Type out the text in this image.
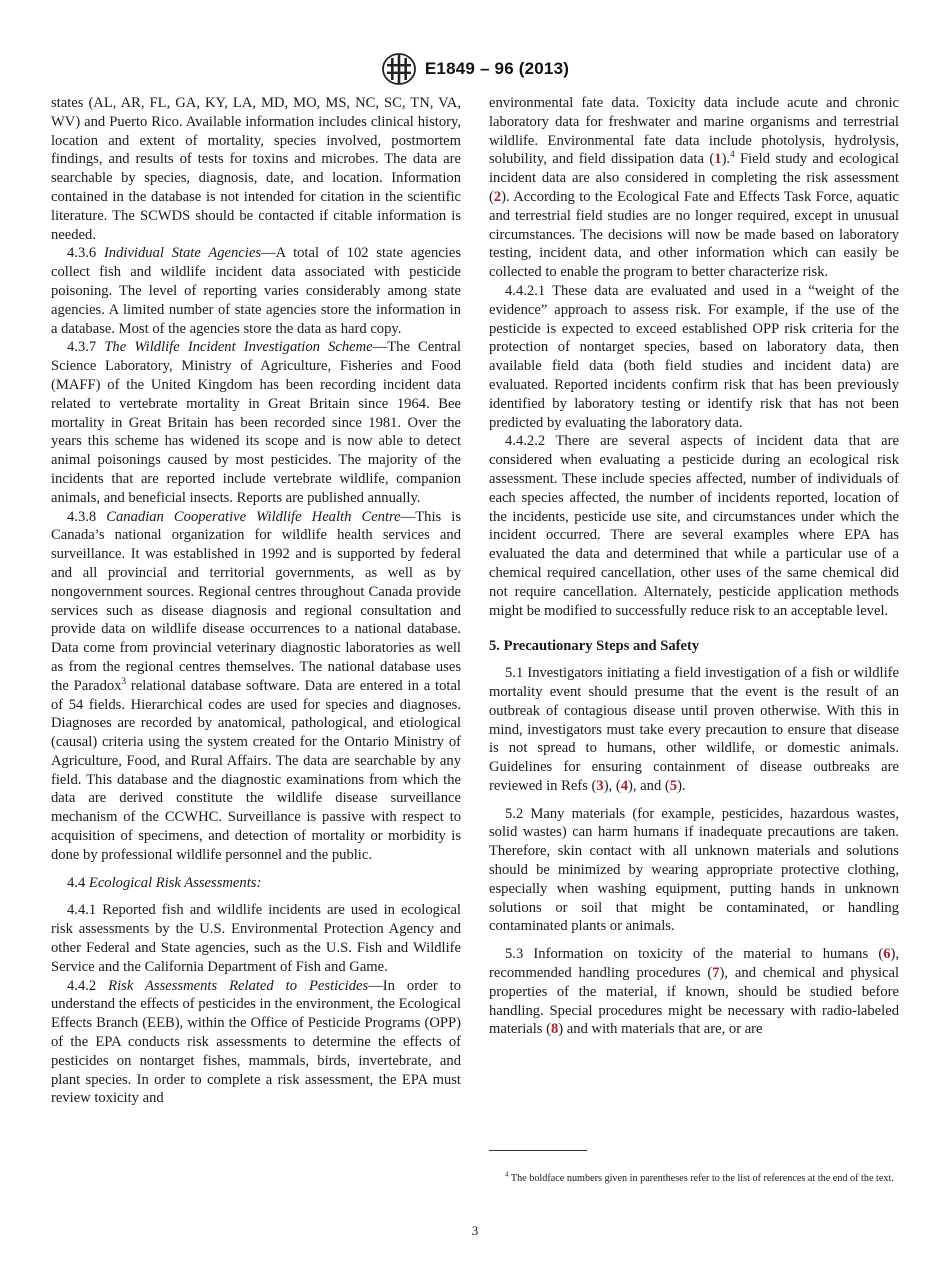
E1849 – 96 (2013)

states (AL, AR, FL, GA, KY, LA, MD, MO, MS, NC, SC, TN, VA, WV) and Puerto Rico. Available information includes clinical history, location and extent of mortality, species involved, postmortem findings, and results of tests for toxins and microbes. The data are searchable by species, diagnosis, date, and location. Information contained in the database is not intended for citation in the scientific literature. The SCWDS should be contacted if citable information is needed.

4.3.6 Individual State Agencies—A total of 102 state agencies collect fish and wildlife incident data associated with pesticide poisoning. The level of reporting varies considerably among state agencies. A limited number of state agencies store the information in a database. Most of the agencies store the data as hard copy.

4.3.7 The Wildlife Incident Investigation Scheme—The Central Science Laboratory, Ministry of Agriculture, Fisheries and Food (MAFF) of the United Kingdom has been recording incident data related to vertebrate mortality in Great Britain since 1964. Bee mortality in Great Britain has been recorded since 1981. Over the years this scheme has widened its scope and is now able to detect animal poisonings caused by most pesticides. The majority of the incidents that are reported include vertebrate wildlife, companion animals, and beneficial insects. Reports are published annually.

4.3.8 Canadian Cooperative Wildlife Health Centre—This is Canada’s national organization for wildlife health services and surveillance. It was established in 1992 and is supported by federal and all provincial and territorial governments, as well as by nongovernment sources. Regional centres throughout Canada provide services such as disease diagnosis and regional consultation and provide data on wildlife disease occurrences to a national database. Data come from provincial veterinary diagnostic laboratories as well as from the regional centres themselves. The national database uses the Paradox$^3$ relational database software. Data are entered in a total of 54 fields. Hierarchical codes are used for species and diagnoses. Diagnoses are recorded by anatomical, pathological, and etiological (causal) criteria using the system created for the Ontario Ministry of Agriculture, Food, and Rural Affairs. The data are searchable by any field. This database and the diagnostic examinations from which the data are derived constitute the wildlife disease surveillance mechanism of the CCWHC. Surveillance is passive with respect to acquisition of specimens, and detection of mortality or morbidity is done by professional wildlife personnel and the public.

4.4 Ecological Risk Assessments:

4.4.1 Reported fish and wildlife incidents are used in ecological risk assessments by the U.S. Environmental Protection Agency and other Federal and State agencies, such as the U.S. Fish and Wildlife Service and the California Department of Fish and Game.

4.4.2 Risk Assessments Related to Pesticides—In order to understand the effects of pesticides in the environment, the Ecological Effects Branch (EEB), within the Office of Pesticide Programs (OPP) of the EPA conducts risk assessments to determine the effects of pesticides on nontarget fishes, mammals, birds, invertebrate, and plant species. In order to complete a risk assessment, the EPA must review toxicity and

environmental fate data. Toxicity data include acute and chronic laboratory data for freshwater and marine organisms and terrestrial wildlife. Environmental fate data include photolysis, hydrolysis, solubility, and field dissipation data (1).$^4$ Field study and ecological incident data are also considered in completing the risk assessment (2). According to the Ecological Fate and Effects Task Force, aquatic and terrestrial field studies are no longer required, except in unusual circumstances. The decisions will now be made based on laboratory testing, incident data, and other information which can easily be collected to enable the program to better characterize risk.

4.4.2.1 These data are evaluated and used in a “weight of the evidence” approach to assess risk. For example, if the use of the pesticide is expected to exceed established OPP risk criteria for the protection of nontarget species, based on laboratory data, then available field data (both field studies and incident data) are evaluated. Reported incidents confirm risk that has been previously identified by laboratory testing or identify risk that has not been predicted by evaluating the laboratory data.

4.4.2.2 There are several aspects of incident data that are considered when evaluating a pesticide during an ecological risk assessment. These include species affected, number of individuals of each species affected, the number of incidents reported, location of the incidents, pesticide use site, and circumstances under which the incident occurred. There are several examples where EPA has evaluated the data and determined that while a particular use of a chemical required cancellation, other uses of the same chemical did not require cancellation. Alternately, pesticide application methods might be modified to successfully reduce risk to an acceptable level.

5. Precautionary Steps and Safety

5.1 Investigators initiating a field investigation of a fish or wildlife mortality event should presume that the event is the result of an outbreak of contagious disease until proven otherwise. With this in mind, investigators must take every precaution to ensure that disease is not spread to humans, other wildlife, or domestic animals. Guidelines for ensuring containment of disease outbreaks are reviewed in Refs (3), (4), and (5).

5.2 Many materials (for example, pesticides, hazardous wastes, solid wastes) can harm humans if inadequate precautions are taken. Therefore, skin contact with all unknown materials and solutions should be minimized by wearing appropriate protective clothing, especially when washing equipment, putting hands in unknown solutions or soil that might be contaminated, or handling contaminated plants or animals.

5.3 Information on toxicity of the material to humans (6), recommended handling procedures (7), and chemical and physical properties of the material, if known, should be studied before handling. Special procedures might be necessary with radio-labeled materials (8) and with materials that are, or are

$^4$ The boldface numbers given in parentheses refer to the list of references at the end of the text.

3
